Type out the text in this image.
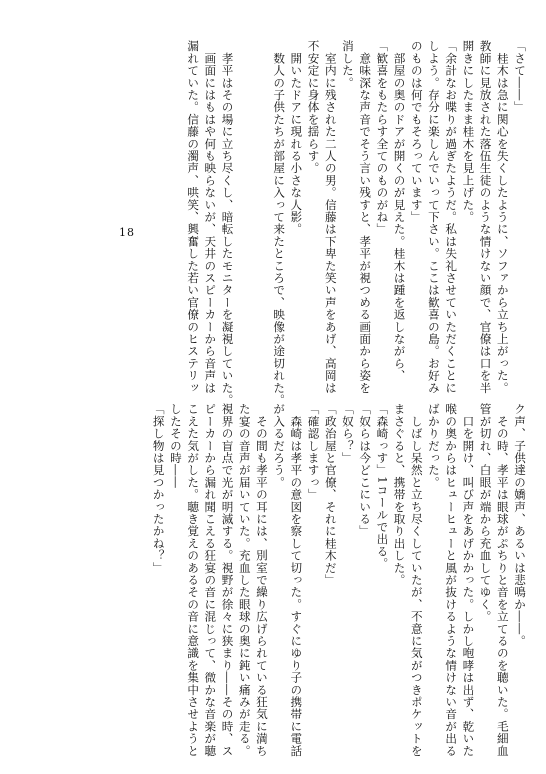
「さて――」
　桂木は急に関心を失くしたように、ソファから立ち上がった。
教師に見放された落伍生徒のような情けない顔で、官僚は口を半
開きにしたまま桂木を見上げた。
「余計なお喋りが過ぎたようだ。私は失礼させていただくことに
しよう。存分に楽しんでいって下さい。ここは歓喜の島。お好み
のものは何でもそろっています」
　部屋の奥のドアが開くのが見えた。桂木は踵を返しながら、
「歓喜をもたらす全てのものがね」
　意味深な声音でそう言い残すと、孝平が視つめる画面から姿を
消した。
　室内に残された二人の男。信藤は下卑た笑い声をあげ、高岡は
不安定に身体を揺らす。
　開いたドアに現れる小さな人影。
　数人の子供たちが部屋に入って来たところで、映像が途切れた。

　孝平はその場に立ち尽くし、暗転したモニターを凝視していた。
　画面にはもはや何も映らないが、天井のスピーカーから音声は
漏れていた。信藤の濁声、哄笑、興奮した若い官僚のヒステリッ
18
ク声、子供達の嬌声、あるいは悲鳴か――。
　その時、孝平は眼球がぷちりと音を立てるのを聴いた。毛細血
管が切れ、白眼が端から充血してゆく。
　口を開け、叫び声をあげかかった。しかし咆哮は出ず、乾いた
喉の奥からはヒューヒューと風が抜けるような情けない音が出る
ばかりだった。
　しばし呆然と立ち尽くしていたが、不意に気がつきポケットを
まさぐると、携帯を取り出した。
「森崎っす」1コールで出る。
「奴らは今どこにいる」
「奴ら？」
「政治屋と官僚、それに桂木だ」
「確認しますっ」
　森崎は孝平の意図を察して切った。すぐにゆり子の携帯に電話
が入るだろう。
　その間も孝平の耳には、別室で繰り広げられている狂気に満ち
た宴の音声が届いていた。充血した眼球の奥に鈍い痛みが走る。
視界の盲点で光が明滅する。視野が徐々に狭まり――その時、ス
ピーカーから漏れ聞こえる狂宴の音に混じって、微かな音楽が聴
こえた気がした。聴き覚えのあるその音に意識を集中させようと
したその時――
「探し物は見つかったかね？」
